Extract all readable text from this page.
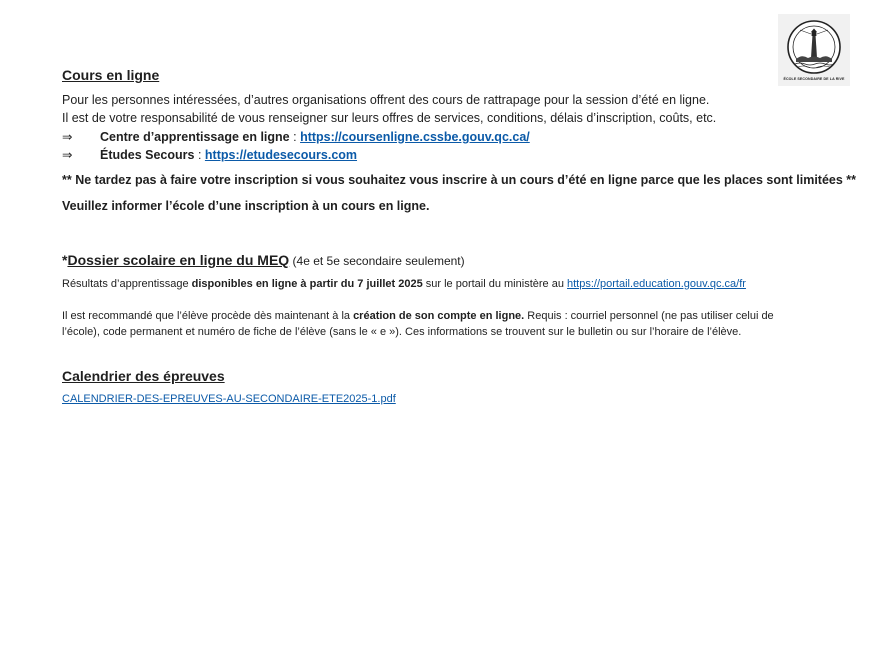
ÉCOLE SECONDAIRE DE LA RIVE
Cours en ligne
Pour les personnes intéressées, d’autres organisations offrent des cours de rattrapage pour la session d’été en ligne.
Il est de votre responsabilité de vous renseigner sur leurs offres de services, conditions, délais d’inscription, coûts, etc.
⇒ Centre d’apprentissage en ligne : https://coursenligne.cssbe.gouv.qc.ca/
⇒ Études Secours : https://etudesecours.com
** Ne tardez pas à faire votre inscription si vous souhaitez vous inscrire à un cours d’été en ligne parce que les places sont limitées **
Veuillez informer l’école d’une inscription à un cours en ligne.
*Dossier scolaire en ligne du MEQ (4e et 5e secondaire seulement)
Résultats d’apprentissage disponibles en ligne à partir du 7 juillet 2025 sur le portail du ministère au https://portail.education.gouv.qc.ca/fr
Il est recommandé que l’élève procède dès maintenant à la création de son compte en ligne. Requis : courriel personnel (ne pas utiliser celui de
l’école), code permanent et numéro de fiche de l’élève (sans le « e »). Ces informations se trouvent sur le bulletin ou sur l’horaire de l’élève.
Calendrier des épreuves
CALENDRIER-DES-EPREUVES-AU-SECONDAIRE-ETE2025-1.pdf
